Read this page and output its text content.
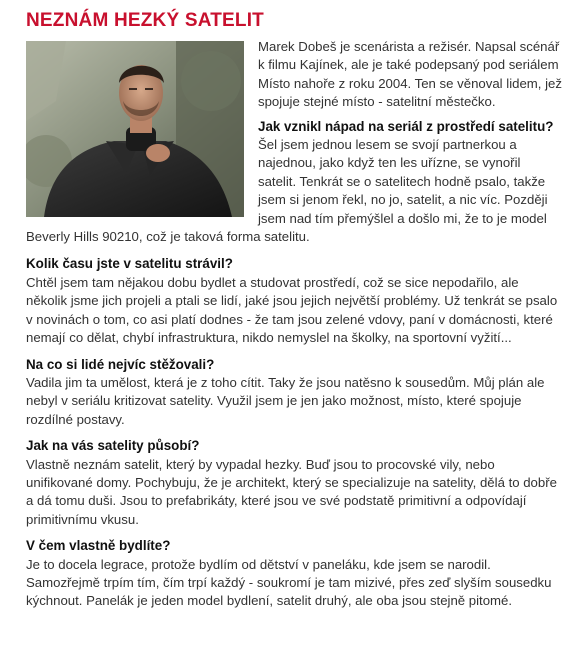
NEZNÁM HEZKÝ SATELIT

Marek Dobeš je scenárista a režisér. Napsal scénář k filmu Kajínek, ale je také podepsaný pod seriálem Místo nahoře z roku 2004. Ten se věnoval lidem, jež spojuje stejné místo - satelitní městečko.

Jak vznikl nápad na seriál z prostředí satelitu?

Šel jsem jednou lesem se svojí partnerkou a najednou, jako když ten les uřízne, se vynořil satelit. Tenkrát se o satelitech hodně psalo, takže jsem si jenom řekl, no jo, satelit, a nic víc. Později jsem nad tím přemýšlel a došlo mi, že to je model Beverly Hills 90210, což je taková forma satelitu.

Kolik času jste v satelitu strávil?

Chtěl jsem tam nějakou dobu bydlet a studovat prostředí, což se sice nepodařilo, ale několik jsme jich projeli a ptali se lidí, jaké jsou jejich největší problémy. Už tenkrát se psalo v novinách o tom, co asi platí dodnes - že tam jsou zelené vdovy, paní v domácnosti, které nemají co dělat, chybí infrastruktura, nikdo nemyslel na školky, na sportovní vyžití...

Na co si lidé nejvíc stěžovali?

Vadila jim ta umělost, která je z toho cítit. Taky že jsou natěsno k sousedům. Můj plán ale nebyl v seriálu kritizovat satelity. Využil jsem je jen jako možnost, místo, které spojuje rozdílné postavy.

Jak na vás satelity působí?

Vlastně neznám satelit, který by vypadal hezky. Buď jsou to procovské vily, nebo unifikované domy. Pochybuju, že je architekt, který se specializuje na satelity, dělá to dobře a dá tomu duši. Jsou to prefabrikáty, které jsou ve své podstatě primitivní a odpovídají primitivnímu vkusu.

V čem vlastně bydlíte?

Je to docela legrace, protože bydlím od dětství v paneláku, kde jsem se narodil. Samozřejmě trpím tím, čím trpí každý - soukromí je tam mizivé, přes zeď slyším sousedku kýchnout. Panelák je jeden model bydlení, satelit druhý, ale oba jsou stejně pitomé.
